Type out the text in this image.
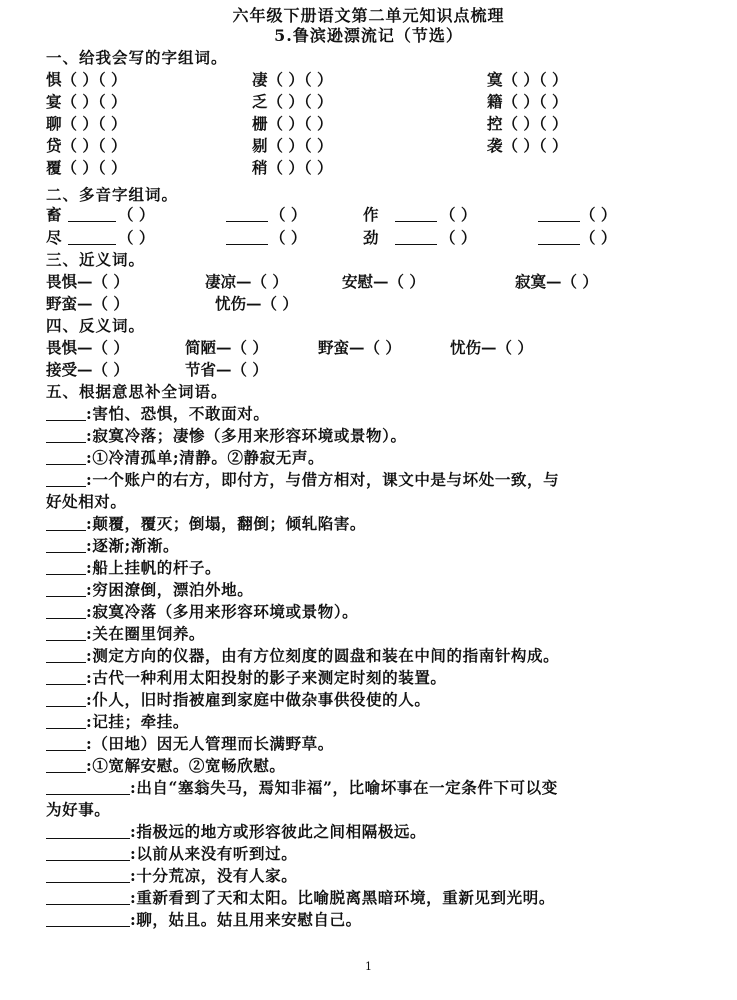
六年级下册语文第二单元知识点梳理
5.鲁滨逊漂流记（节选）
一、给我会写的字组词。
惧（ ）（ ）	凄（ ）（ ）	寞（ ）（ ）
宴（ ）（ ）	乏（ ）（ ）	籍（ ）（ ）
聊（ ）（ ）	栅（ ）（ ）	控（ ）（ ）
贷（ ）（ ）	剔（ ）（ ）	袭（ ）（ ）
覆（ ）（ ）	稍（ ）（ ）
二、多音字组词。
畜	（ ）	（ ）	作	（ ）	（ ）
尽	（ ）	（ ）	劲	（ ）	（ ）
三、近义词。
畏惧—（ ）	凄凉—（ ）	安慰—（ ）	寂寞—（ ）
野蛮—（ ）	忧伤—（ ）
四、反义词。
畏惧—（ ）	简陋—（ ）	野蛮—（ ）	忧伤—（ ）
接受—（ ）	节省—（ ）
五、根据意思补全词语。
:害怕、恐惧，不敢面对。
:寂寞冷落；凄惨（多用来形容环境或景物）。
:①冷清孤单;清静。②静寂无声。
:一个账户的右方，即付方，与借方相对，课文中是与坏处一致，与
好处相对。
:颠覆，覆灭；倒塌，翻倒；倾轧陷害。
:逐渐;渐渐。
:船上挂帆的杆子。
:穷困潦倒，漂泊外地。
:寂寞冷落（多用来形容环境或景物）。
:关在圈里饲养。
:测定方向的仪器，由有方位刻度的圆盘和装在中间的指南针构成。
:古代一种利用太阳投射的影子来测定时刻的装置。
:仆人，旧时指被雇到家庭中做杂事供役使的人。
:记挂；牵挂。
:（田地）因无人管理而长满野草。
:①宽解安慰。②宽畅欣慰。
:出自“塞翁失马，焉知非福”，比喻坏事在一定条件下可以变
为好事。
:指极远的地方或形容彼此之间相隔极远。
:以前从来没有听到过。
:十分荒凉，没有人家。
:重新看到了天和太阳。比喻脱离黑暗环境，重新见到光明。
:聊，姑且。姑且用来安慰自己。
1
